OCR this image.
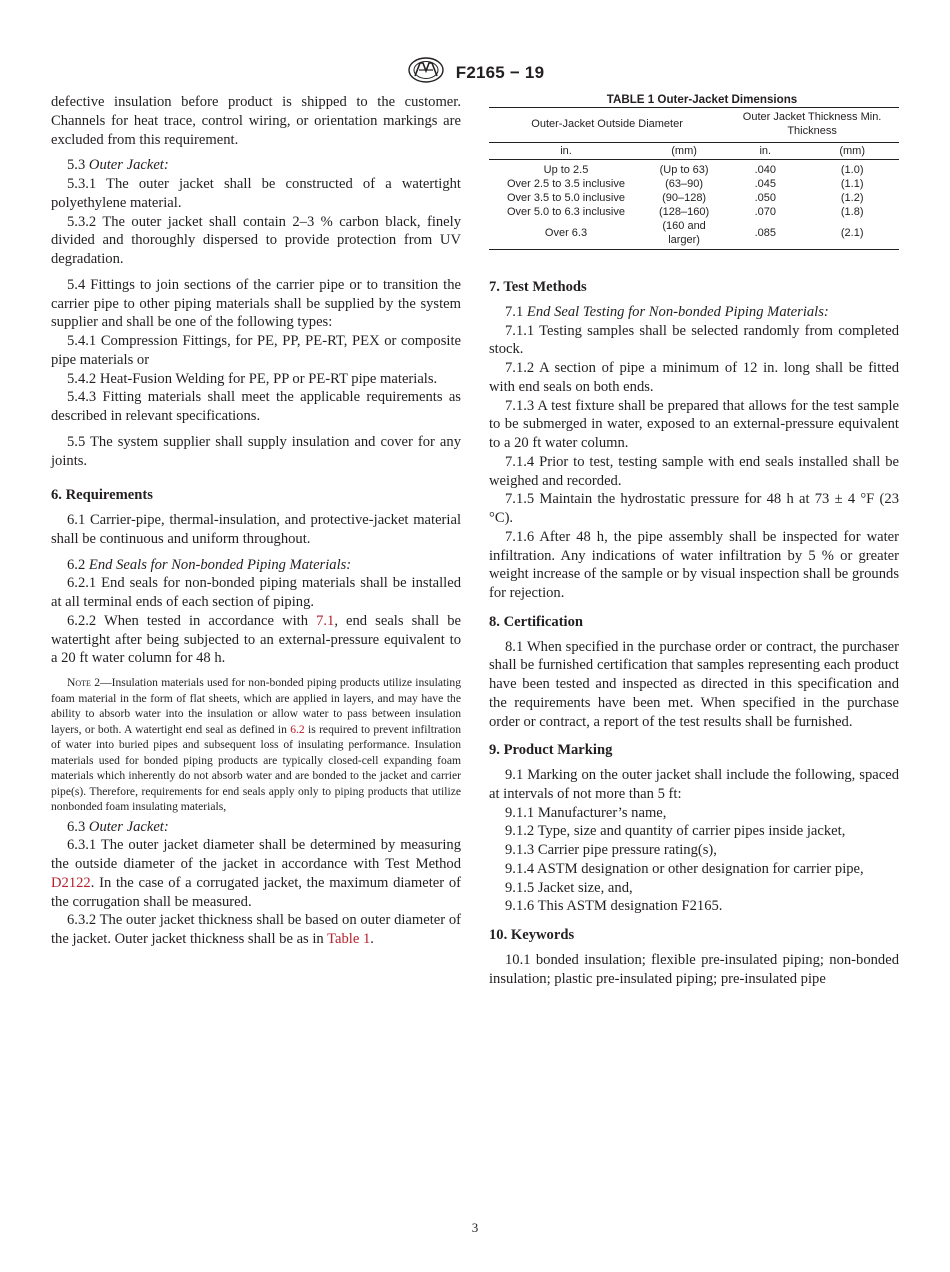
F2165 − 19

defective insulation before product is shipped to the customer. Channels for heat trace, control wiring, or orientation markings are excluded from this requirement.

5.3 Outer Jacket:

5.3.1 The outer jacket shall be constructed of a watertight polyethylene material.

5.3.2 The outer jacket shall contain 2–3 % carbon black, finely divided and thoroughly dispersed to provide protection from UV degradation.

5.4 Fittings to join sections of the carrier pipe or to transition the carrier pipe to other piping materials shall be supplied by the system supplier and shall be one of the following types:

5.4.1 Compression Fittings, for PE, PP, PE-RT, PEX or composite pipe materials or

5.4.2 Heat-Fusion Welding for PE, PP or PE-RT pipe materials.

5.4.3 Fitting materials shall meet the applicable requirements as described in relevant specifications.

5.5 The system supplier shall supply insulation and cover for any joints.

6. Requirements

6.1 Carrier-pipe, thermal-insulation, and protective-jacket material shall be continuous and uniform throughout.

6.2 End Seals for Non-bonded Piping Materials:

6.2.1 End seals for non-bonded piping materials shall be installed at all terminal ends of each section of piping.

6.2.2 When tested in accordance with 7.1, end seals shall be watertight after being subjected to an external-pressure equivalent to a 20 ft water column for 48 h.

Note 2—Insulation materials used for non-bonded piping products utilize insulating foam material in the form of flat sheets, which are applied in layers, and may have the ability to absorb water into the insulation or allow water to pass between insulation layers, or both. A watertight end seal as defined in 6.2 is required to prevent infiltration of water into buried pipes and subsequent loss of insulating performance. Insulation materials used for bonded piping products are typically closed-cell expanding foam materials which inherently do not absorb water and are bonded to the jacket and carrier pipe(s). Therefore, requirements for end seals apply only to piping products that utilize nonbonded foam insulating materials,

6.3 Outer Jacket:

6.3.1 The outer jacket diameter shall be determined by measuring the outside diameter of the jacket in accordance with Test Method D2122. In the case of a corrugated jacket, the maximum diameter of the corrugation shall be measured.

6.3.2 The outer jacket thickness shall be based on outer diameter of the jacket. Outer jacket thickness shall be as in Table 1.

TABLE 1 Outer-Jacket Dimensions

Outer-Jacket Outside Diameter		Outer Jacket Thickness Min. Thickness	
in.	(mm)	in.	(mm)
Up to 2.5	(Up to 63)	.040	(1.0)
Over 2.5 to 3.5 inclusive	(63–90)	.045	(1.1)
Over 3.5 to 5.0 inclusive	(90–128)	.050	(1.2)
Over 5.0 to 6.3 inclusive	(128–160)	.070	(1.8)
Over 6.3	(160 and larger)	.085	(2.1)
7. Test Methods

7.1 End Seal Testing for Non-bonded Piping Materials:

7.1.1 Testing samples shall be selected randomly from completed stock.

7.1.2 A section of pipe a minimum of 12 in. long shall be fitted with end seals on both ends.

7.1.3 A test fixture shall be prepared that allows for the test sample to be submerged in water, exposed to an external-pressure equivalent to a 20 ft water column.

7.1.4 Prior to test, testing sample with end seals installed shall be weighed and recorded.

7.1.5 Maintain the hydrostatic pressure for 48 h at 73 ± 4 °F (23 °C).

7.1.6 After 48 h, the pipe assembly shall be inspected for water infiltration. Any indications of water infiltration by 5 % or greater weight increase of the sample or by visual inspection shall be grounds for rejection.

8. Certification

8.1 When specified in the purchase order or contract, the purchaser shall be furnished certification that samples representing each product have been tested and inspected as directed in this specification and the requirements have been met. When specified in the purchase order or contract, a report of the test results shall be furnished.

9. Product Marking

9.1 Marking on the outer jacket shall include the following, spaced at intervals of not more than 5 ft:

9.1.1 Manufacturer’s name,

9.1.2 Type, size and quantity of carrier pipes inside jacket,

9.1.3 Carrier pipe pressure rating(s),

9.1.4 ASTM designation or other designation for carrier pipe,

9.1.5 Jacket size, and,

9.1.6 This ASTM designation F2165.

10. Keywords

10.1 bonded insulation; flexible pre-insulated piping; non-bonded insulation; plastic pre-insulated piping; pre-insulated pipe

3
